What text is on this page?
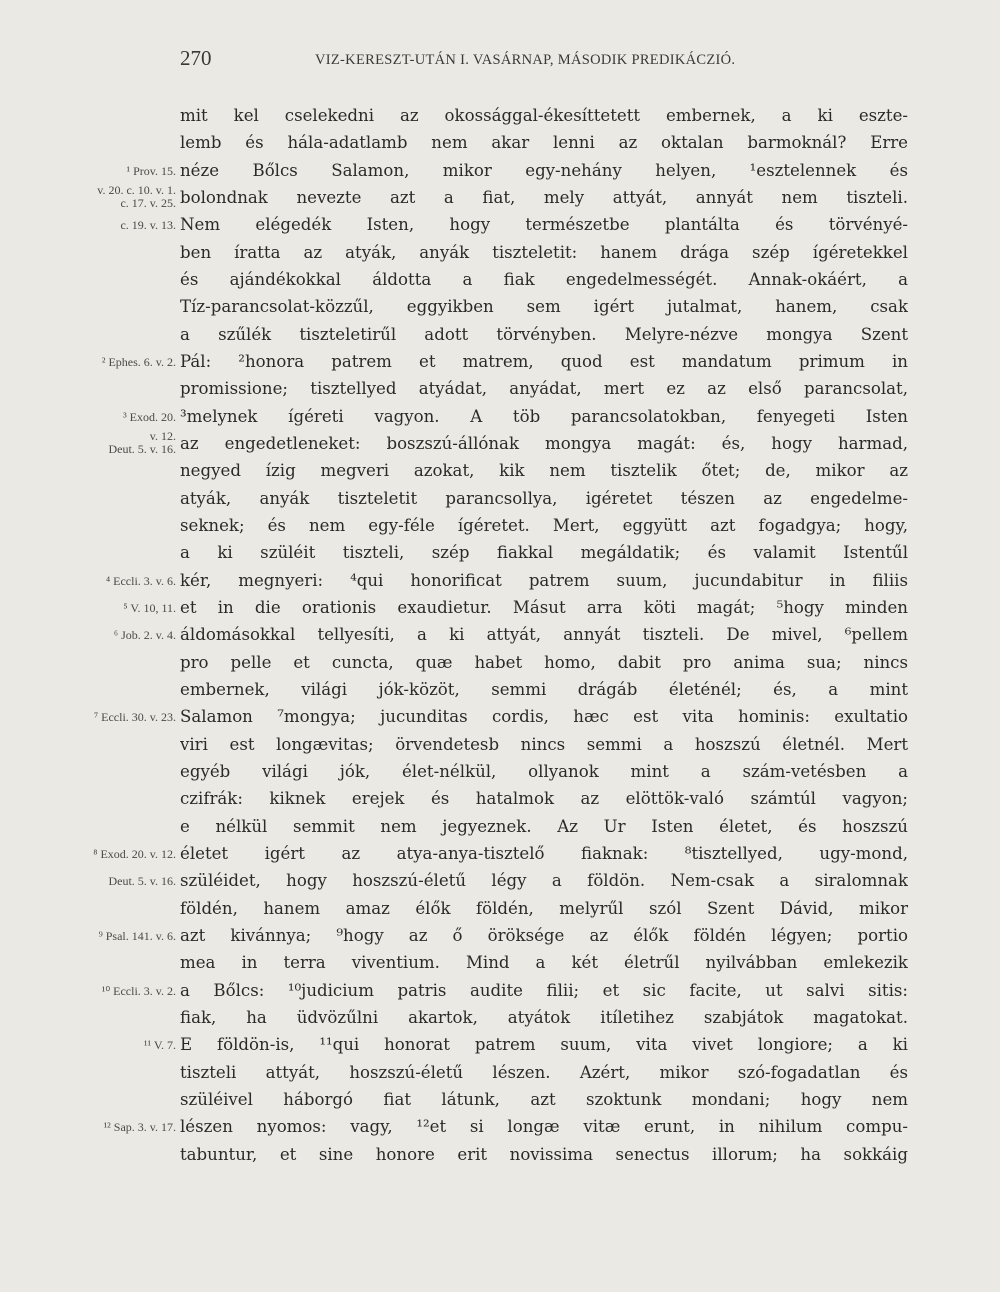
270	VIZ-KERESZT-UTÁN I. VASÁRNAP, MÁSODIK PREDIKÁCZIÓ.
mit kel cselekedni az okossággal-ékesíttetett embernek, a ki eszte-
lemb és hála-adatlamb nem akar lenni az oktalan barmoknál? Erre
¹ Prov. 15. néze Bőlcs Salamon, mikor egy-nehány helyen, ¹esztelennek és
v. 20. c. 10. v. 1.
c. 17. v. 25. bolondnak nevezte azt a fiat, mely attyát, annyát nem tiszteli.
c. 19. v. 13. Nem elégedék Isten, hogy természetbe plantálta és törvényé-
ben íratta az atyák, anyák tiszteletit: hanem drága szép ígéretekkel
és ajándékokkal áldotta a fiak engedelmességét. Annak-okáért, a
Tíz-parancsolat-közzűl, eggyikben sem igért jutalmat, hanem, csak
a szűlék tiszteletirűl adott törvényben. Melyre-nézve mongya Szent
² Ephes. 6. v. 2. Pál: ²honora patrem et matrem, quod est mandatum primum in
promissione; tisztellyed atyádat, anyádat, mert ez az első parancsolat,
³ Exod. 20. ³melynek ígéreti vagyon. A töb parancsolatokban, fenyegeti Isten
v. 12.
Deut. 5. v. 16. az engedetleneket: boszszú-állónak mongya magát: és, hogy harmad,
negyed ízig megveri azokat, kik nem tisztelik őtet; de, mikor az
atyák, anyák tiszteletit parancsollya, igéretet tészen az engedelme-
seknek; és nem egy-féle ígéretet. Mert, eggyütt azt fogadgya; hogy,
a ki szüléit tiszteli, szép fiakkal megáldatik; és valamit Istentűl
⁴ Eccli. 3. v. 6. kér, megnyeri: ⁴qui honorificat patrem suum, jucundabitur in filiis
⁵ V. 10, 11. et in die orationis exaudietur. Másut arra köti magát; ⁵hogy minden
⁶ Job. 2. v. 4. áldomásokkal tellyesíti, a ki attyát, annyát tiszteli. De mivel, ⁶pellem
pro pelle et cuncta, quæ habet homo, dabit pro anima sua; nincs
embernek, világi jók-közöt, semmi drágáb életénél; és, a mint
⁷ Eccli. 30. v. 23. Salamon ⁷mongya; jucunditas cordis, hæc est vita hominis: exultatio
viri est longævitas; örvendetesb nincs semmi a hoszszú életnél. Mert
egyéb világi jók, élet-nélkül, ollyanok mint a szám-vetésben a
czifrák: kiknek erejek és hatalmok az elöttök-való számtúl vagyon;
e nélkül semmit nem jegyeznek. Az Ur Isten életet, és hoszszú
⁸ Exod. 20. v. 12. életet igért az atya-anya-tisztelő fiaknak: ⁸tisztellyed, ugy-mond,
Deut. 5. v. 16. szüléidet, hogy hoszszú-életű légy a földön. Nem-csak a siralomnak
földén, hanem amaz élők földén, melyrűl szól Szent Dávid, mikor
⁹ Psal. 141. v. 6. azt kivánnya; ⁹hogy az ő öröksége az élők földén légyen; portio
mea in terra viventium. Mind a két életrűl nyilvábban emlekezik
¹⁰ Eccli. 3. v. 2. a Bőlcs: ¹⁰judicium patris audite filii; et sic facite, ut salvi sitis:
fiak, ha üdvözűlni akartok, atyátok itíletihez szabjátok magatokat.
¹¹ V. 7. E földön-is, ¹¹qui honorat patrem suum, vita vivet longiore; a ki
tiszteli attyát, hoszszú-életű lészen. Azért, mikor szó-fogadatlan és
szüléivel háborgó fiat látunk, azt szoktunk mondani; hogy nem
¹² Sap. 3. v. 17. lészen nyomos: vagy, ¹²et si longæ vitæ erunt, in nihilum compu-
tabuntur, et sine honore erit novissima senectus illorum; ha sokkáig
